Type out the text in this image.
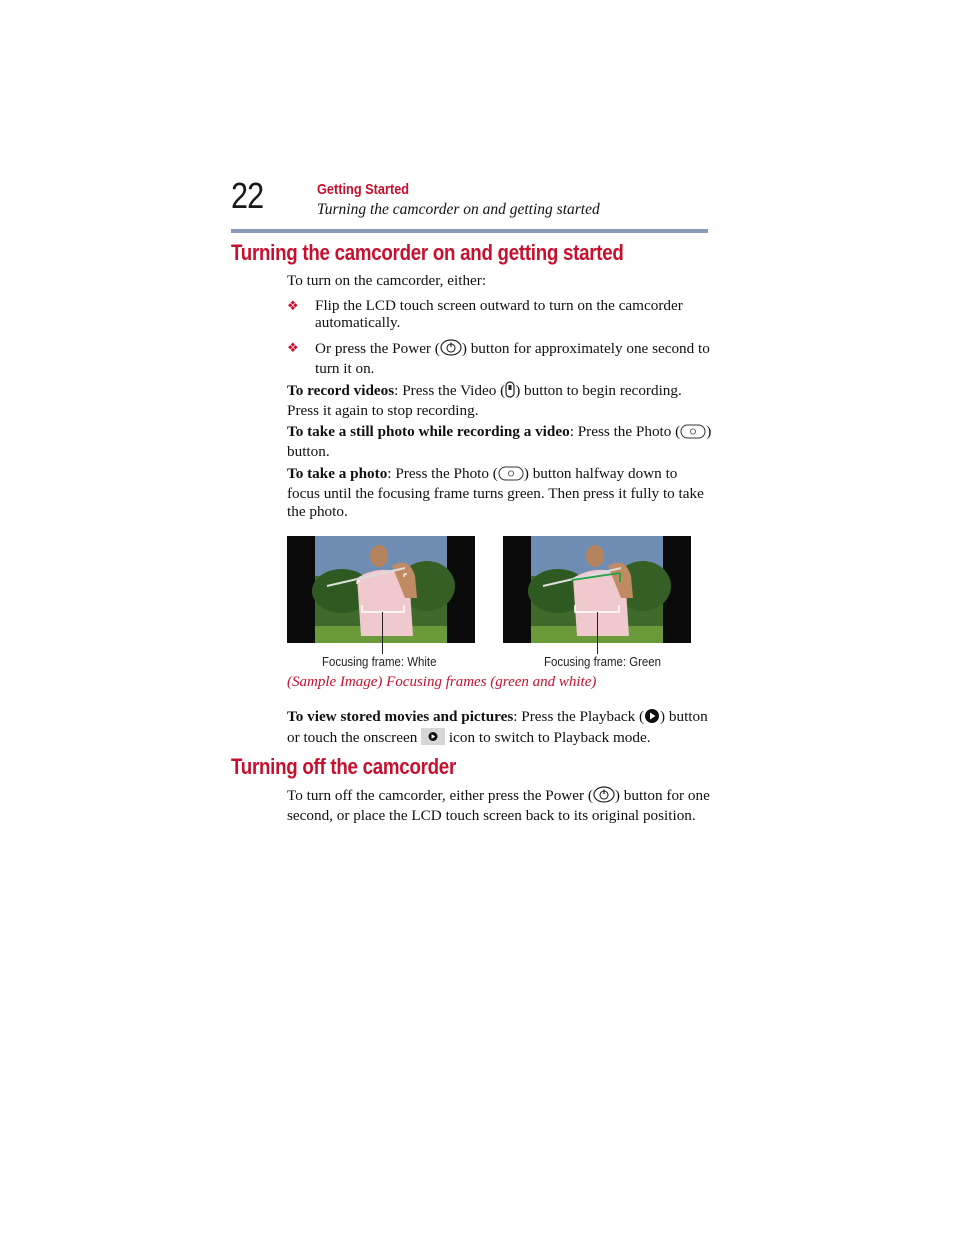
22	Getting Started
Turning the camcorder on and getting started
Turning the camcorder on and getting started
To turn on the camcorder, either:
❖ Flip the LCD touch screen outward to turn on the camcorder automatically.
❖ Or press the Power ( ) button for approximately one second to turn it on.
To record videos: Press the Video ( ) button to begin recording. Press it again to stop recording.
To take a still photo while recording a video: Press the Photo ( ) button.
To take a photo: Press the Photo ( ) button halfway down to focus until the focusing frame turns green. Then press it fully to take the photo.
Focusing frame: White	Focusing frame: Green
(Sample Image) Focusing frames (green and white)
To view stored movies and pictures: Press the Playback ( ) button or touch the onscreen icon to switch to Playback mode.
Turning off the camcorder
To turn off the camcorder, either press the Power ( ) button for one second, or place the LCD touch screen back to its original position.
